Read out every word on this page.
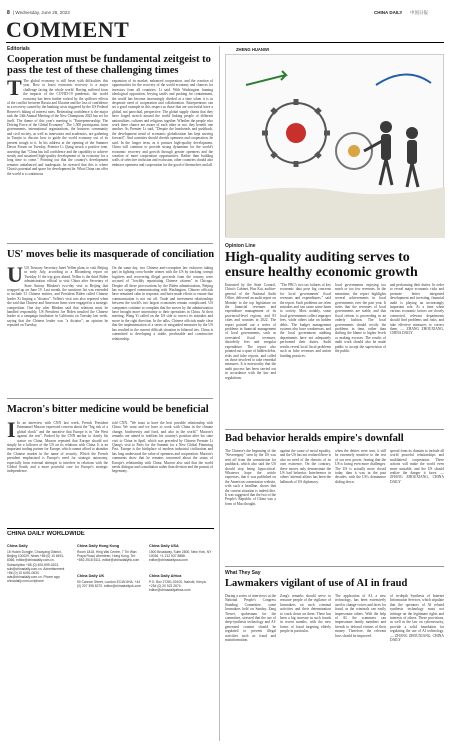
8 | Wednesday, June 28, 2023	CHINA DAILY 中国日报
COMMENT
Editorials
Cooperation must be fundamental zeitgeist to pass the test of these challenging times
T The global economy is still beset with difficulties this year. How to boost economic recovery is a major challenge facing the whole world. Having suffered from the impacts of the COVID-19 pandemic, the world economy has been further rocked by the spillover effects of the conflict between Russia and Ukraine and the loss of confidence in a recovery caused by the banking crisis triggered by the US Federal Reserve's hiking of interest rates. Reiterating confidence is the major task the 14th Annual Meeting of the New Champions 2023 has set for itself. The theme of this year's meeting is "Entrepreneurship: The Driving Force of the Global Economy". The 1,500 participants, from governments, international organizations, the business community and civil society, as well as innovators and academics, are gathering in Tianjin to discuss how to guide the world economy out of its present trough to it. In his address at the opening of the Summer Davos Forum on Tuesday, Premier Li Qiang struck a positive tone, asserting that "China has full confidence and the capability to achieve steady and sustained high-quality development of its economy for a long time to come." Pointing out that the country's development remains unbalanced and inadequate, he stressed that this is where China's potential and space for development lie. What China can offer the world is a continuous
expansion of its market, enhanced cooperation, and the creation of opportunities for the recovery of the world economy and chances for investors from all countries, Li said. With Washington framing ideological opposition, levying tariffs and pushing for containment, the world has become increasingly divided at a time when it is in desperate need of cooperation and collaboration. Entrepreneurs can set a good example in this respect as those that are successful have a global, not parochial, perspective. The global supply chains that they have forged stretch around the world linking people of different nationalities, cultures and religious together. Whether the people who work there chance are aware of each other or not, they benefit one another. As Premier Li said, "Despite the headwinds and pushback, the development trend of economic globalization has kept moving forward". And countries should cherish openness and cooperation, he said. In the longer term, as it pursues high-quality development, China will continue to provide strong dynamism for the world's economic recovery and growth through greater openness and the creation of more cooperation opportunities. Rather than building walls of selective inclusion and exclusion, other countries should also embrace openness and cooperation for the good of themselves and all.
US' moves belie its masquerade of conciliation
UUS Treasury Secretary Janet Yellen plans to visit Beijing in early July, according to a Bloomberg report on Tuesday. If the trip goes ahead, Yellen is the third Biden administration official to visit China after Secretary of State Antony Blinken's two-day visit to Beijing that wrapped up on June 19. Last month, the sanctions list was extended to include 31 Chinese entities, and President Biden called Chinese leader Xi Jinping a "dictator". Yellen's visit was also reported when she said that Chinese and American firms were engaged in a strategic competition. One day after Blinken said that relations must be handled responsibly, US President Joe Biden insulted the Chinese leader at a campaign fundraiser in California on Tuesday last week, saying that the Chinese leader was "a dictator", an opinion he repeated on Tuesday.
On the same day, two Chinese anti-corruption law enforcers taking part in fighting cross-border crimes with the US by tracking corrupt fugitives and recovering illegal proceeds from the country were accused of "forcibly repatriating Chinese citizens" in Chicago. Despite all these provocations by the Biden administration, Beijing has not stopped communicating with Washington. Chinese officials have remained calm in response, and have made efforts to ensure that communication is not cut off. Trade and investment relationships between the world's two largest economies remain complicated. US companies continue to complain that the moves by the administration have brought more uncertainty to their operations in China. At their meeting, Wang Yi called on the US side to correct its mistakes and move in the right direction. In the talks, Chinese officials made clear that the implementation of a series of misguided measures by the US has resulted in the current difficult situation in bilateral ties. China is committed to developing a stable, predictable and constructive relationship.
Macron's bitter medicine would be beneficial
I In an interview with CNN last week, French President Emmanuel Macron expressed concern about the "big risk of a global shock" and the narrative that Europe is in "the West against the rest". Pushed by the CNN anchor to clarify his stance on China, Macron repeated that Europe should not simply be a follower of the US on its relations with China. It is an important trading partner for Europe, which cannot afford to abandon the Chinese market in the name of security. Which the French president emphasized is Europe's need for strategic autonomy, especially from external attempts to interfere in relations with the Global South, and a more powerful case for Europe's strategic independence.
told CNN. "We must to have the best possible relationship with China. We want and we have to work with China in the climate change, biodiversity and food, and also in the world." Macron's remarks are aimed to reaffirm his country's position after his state visit to China in April, which was preceded by Chinese Premier Li Qiang's visit to Paris for the Summit for a New Global Financing Pact. Europe is the birthplace of modern industrial civilization and has long understood the value of openness and cooperation. Macron's comments show that he remains concerned about the status of Europe's relationship with China. Macron also said that the world needs dialogue and consultation rather than division and the pursuit of hegemony.
CHINA DAILY WORLDWIDE
China Daily
15 Huixin Dongjie, Chaoyang District, Beijing 100029. News +86 (0) 10 6491-8366. editor@chinadaily.com.cn. Subscription +86 (0) 400-699-0203. sub@chinadaily.com.cn. Advertisement +86 (0) 10 6491-0630. ads@chinadaily.com.cn. Phone app: chinadaily.com.cn/iphone
China Daily Hong Kong
Room 1818, Hing Wai Centre, 7 Tin Wan Praya Road, Aberdeen, Hong Kong. Tel: +852 2518 5111. editor@chinadailyhk.com
China Daily UK
90 Cannon Street, London EC4N 6HA. +44 (0) 207 398 8270. editor@chinadailyuk.com
China Daily USA
1500 Broadway, Suite 2800, New York, NY 10036. +1 212 537 8888. editor@chinadailyusa.com
China Daily Africa
P.O. Box 27281-00100, Nairobi, Kenya. +254 (0) 20 522 2674. editor@chinadailyafrica.com
ZHENG HUANWI
Opinion Line
High-quality auditing serves to ensure healthy economic growth
Entrusted by the State Council, China's Cabinet, Hou Kai, auditor-general of the National Audit Office, delivered an audit report on Monday to the top legislature on the financial revenues and expenditure management of its provincial-level regions, and 83 cities and counties in 2022. The report pointed out a series of problems in financial management of local governments, such as overstated fiscal revenues, disorderly fees and irregular expenditure. The report also pointed out a spate of hidden debts, risks and false reports, and called on those involved to take remedial measures. It is noteworthy that the audit process has been carried out in accordance with the law and regulations.
"The PBC's two tax failures of key economic data pose big concerns for local governments' fiscal revenues and expenditures," said the report. Such problems are often mistakes and can cause some harm to society. Most notably, some local governments collect improper fees, while others take on hidden debts. The budget management systems also have weaknesses, and the local government auditing departments have not adequately performed their duties. Audit results reveal local fiscal problems such as false revenues and unfair funding practices.
local governments enjoying too much or too few revenues. In the meantime, the report highlights several achievements in local governments over the past year. It notes that the revenues of local governments are stable, and that fiscal reform is proceeding in an orderly fashion. The local governments should rectify the problems in time, rather than shifting the blame to higher levels or making excuses. The results of audit work should also be made public to accept the supervision of the public.
and performing their duties. In order to reveal major economic risks and promote better integrated development and investing, financial audit is playing an increasingly important role. At a time when various economic factors are closely connected, relevant departments should find problems and risks, and take effective measures to correct them. — ZHANG ZHOUXIANG, CHINA DAILY
Bad behavior heralds empire's downfall
The Chinese's the beginning of the "Sovereignty" seen by the US was sent off from the commission for pushback, which also said the US should stop being hypocritical. Whatever hope the article expresses, that it was published on the American commission website, with such a headline, shows that the current situation is indeed dire. It was suggested that the two of the People's Republic of China was a form of Mao thought.
against the cause of racial equality, and the US has not realized there is also no need of the rhetoric of its own existence. On the contrary, these moves only demonstrate the US bad behavior. Interference in others' internal affairs has been the hallmark of US diplomacy.
when the deities were sent, it still be extremely sensitive to the rest of our new power, fearing that the US is facing even more challenges. The US is actually more closed today than it was in the past decades, with the US's dominance sliding down.
spread from its domain to include all world peaceful relationships and multilateral cooperation. These actions will make the world even more unstable, and the US should realize the danger it faces. — ZHANG ZHOUXIANG, CHINA DAILY
What They Say
Lawmakers vigilant of use of AI in fraud
During a series of interviews at the National People's Congress Standing Committee, some lawmakers held on Sunday. Zang Tiewei, spokesman for the committee, stressed that the use of deep-synthesis technology and AI-generated content should be regulated to prevent illegal activities such as fraud and misinformation.
Zang's remarks should serve to reassure people of the vigilance of lawmakers on such criminal activities and their determination to crack down on them. There has been a big increase in such frauds in recent months, with the new forms of fraud targeting elderly people in particular.
The application of AI, a new technology, has been extensively used to change voices and faces for fraud, as the criminals can easily impersonate others. With the help of AI, the scammers can impersonate family members and friends to defraud victims of their money. Therefore, the relevant laws should be improved.
of in-depth Synthesis of Internet Information Services, which stipulate that the operators of AI related synthesis technology must not infringe on the legitimate rights and interests of others. These provisions, as well as the law on cybersecurity, provide a solid foundation for regulating the use of AI technology. — ZHANG ZHOUXIANG, CHINA DAILY
